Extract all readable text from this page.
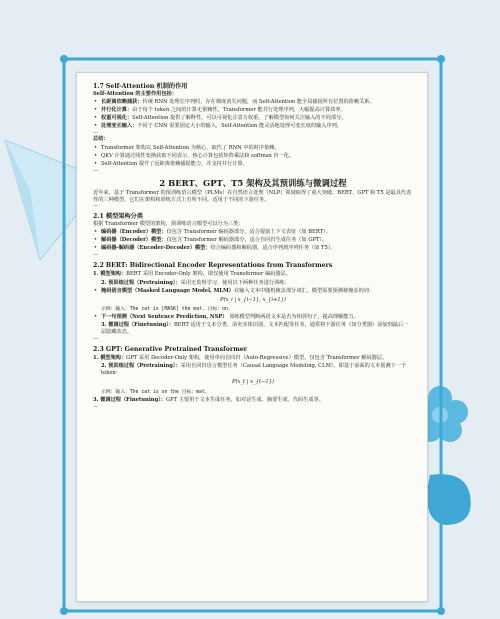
1.7 Self-Attention 机制的作用
Self-Attention 的主要作用包括：
• 长距离依赖捕获：传统 RNN 处理长序列时，存在梯度消失问题，而 Self-Attention 能全局捕捉所有位置的依赖关系。
• 并行化计算：由于每个 token 之间的计算无依赖性，Transformer 能并行处理序列，大幅提高计算效率。
• 权重可视化：Self-Attention 提供了解释性，可以可视化注意力权重，了解模型如何关注输入的不同部分。
• 处理变长输入：不同于 CNN 需要固定大小的输入，Self-Attention 能灵活地处理可变长度的输入序列。
—
总结：
• Transformer 架构以 Self-Attention 为核心，取代了 RNN 中的时序依赖。
• QKV 计算通过线性变换获取不同表示，核心计算包括矩阵乘法和 softmax 归一化。
• Self-Attention 提升了远距离依赖捕捉能力，并支持并行计算。
—
2 BERT、GPT、T5 架构及其预训练与微调过程
近年来，基于 Transformer 的预训练语言模型（PLMs）在自然语言处理（NLP）领域取得了重大突破。BERT、GPT 和 T5 是最具代表性的三种模型，它们在架构和训练方式上有所不同，适用于不同的下游任务。
—
2.1 模型架构分类
根据 Transformer 模型的架构，预训练语言模型可以分为三类：
• 编码器（Encoder）模型：仅包含 Transformer 编码器部分，适合提取上下文表征（如 BERT）。
• 解码器（Decoder）模型：仅包含 Transformer 解码器部分，适合自回归生成任务（如 GPT）。
• 编码器-解码器（Encoder-Decoder）模型：结合编码器和解码器，适合序列到序列任务（如 T5）。
—
2.2 BERT: Bidirectional Encoder Representations from Transformers
1. 模型架构：BERT 采用 Encoder-Only 架构，即仅使用 Transformer 编码器层。
2. 预训练过程（Pretraining）：采用无监督学习，使用以下两种任务进行训练：
• 掩码语言模型（Masked Language Model, MLM）在输入文本中随机掩盖部分词汇，模型需要预测被掩盖的词：
P(x_i | x_{i−1}, x_{i+1})
示例：输入：The cat is [MASK] the mat. 目标：on。
• 下一句预测（Next Sentence Prediction, NSP） 训练模型判断两段文本是否为相邻句子，提高理解能力。
3. 微调过程（Finetuning）：BERT 适用于文本分类、命名实体识别、文本匹配等任务，通常将下游任务（如分类器）添加到最后一层隐藏状态。
—
2.3 GPT: Generative Pretrained Transformer
1. 模型架构：GPT 采用 Decoder-Only 架构，使用单向自回归（Auto-Regressive）模型，仅包含 Transformer 解码器层。
2. 预训练过程（Pretraining）：采用自回归语言模型任务（Causal Language Modeling, CLM），即基于前面的文本预测下一个 token：
P(x_t | x_{t−1})
示例：输入：The cat is on the 目标：mat。
3. 微调过程（Finetuning）：GPT 主要用于文本生成任务，如对话生成、摘要生成、代码生成等。
—
